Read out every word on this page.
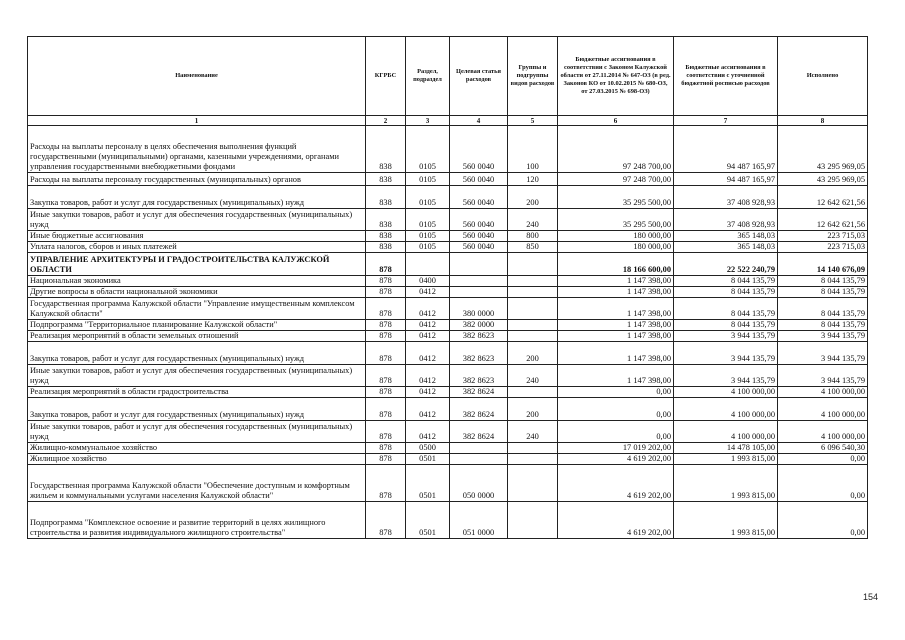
Наименование	КГРБС	Раздел, подраздел	Целевая статья расходов	Группы и подгруппы видов расходов	Бюджетные ассигнования в соответствии с Законом Калужской области от 27.11.2014 № 647-ОЗ (в ред. Законов КО от 10.02.2015 № 680-ОЗ, от 27.03.2015 № 698-ОЗ)	Бюджетные ассигнования в соответствии с уточненной бюджетной росписью расходов	Исполнено
1	2	3	4	5	6	7	8
Расходы на выплаты персоналу в целях обеспечения выполнения функций государственными (муниципальными) органами, казенными учреждениями, органами управления государственными внебюджетными фондами	838	0105	560 0040	100	97 248 700,00	94 487 165,97	43 295 969,05
Расходы на выплаты персоналу государственных (муниципальных) органов	838	0105	560 0040	120	97 248 700,00	94 487 165,97	43 295 969,05
Закупка товаров, работ и услуг для государственных (муниципальных) нужд	838	0105	560 0040	200	35 295 500,00	37 408 928,93	12 642 621,56
Иные закупки товаров, работ и услуг для обеспечения государственных (муниципальных) нужд	838	0105	560 0040	240	35 295 500,00	37 408 928,93	12 642 621,56
Иные бюджетные ассигнования	838	0105	560 0040	800	180 000,00	365 148,03	223 715,03
Уплата налогов, сборов и иных платежей	838	0105	560 0040	850	180 000,00	365 148,03	223 715,03
УПРАВЛЕНИЕ АРХИТЕКТУРЫ И ГРАДОСТРОИТЕЛЬСТВА КАЛУЖСКОЙ ОБЛАСТИ	878				18 166 600,00	22 522 240,79	14 140 676,09
Национальная экономика	878	0400			1 147 398,00	8 044 135,79	8 044 135,79
Другие вопросы в области национальной экономики	878	0412			1 147 398,00	8 044 135,79	8 044 135,79
Государственная программа Калужской области "Управление имущественным комплексом Калужской области"	878	0412	380 0000		1 147 398,00	8 044 135,79	8 044 135,79
Подпрограмма "Территориальное планирование Калужской области"	878	0412	382 0000		1 147 398,00	8 044 135,79	8 044 135,79
Реализация мероприятий в области земельных отношений	878	0412	382 8623		1 147 398,00	3 944 135,79	3 944 135,79
Закупка товаров, работ и услуг для государственных (муниципальных) нужд	878	0412	382 8623	200	1 147 398,00	3 944 135,79	3 944 135,79
Иные закупки товаров, работ и услуг для обеспечения государственных (муниципальных) нужд	878	0412	382 8623	240	1 147 398,00	3 944 135,79	3 944 135,79
Реализация мероприятий в области градостроительства	878	0412	382 8624		0,00	4 100 000,00	4 100 000,00
Закупка товаров, работ и услуг для государственных (муниципальных) нужд	878	0412	382 8624	200	0,00	4 100 000,00	4 100 000,00
Иные закупки товаров, работ и услуг для обеспечения государственных (муниципальных) нужд	878	0412	382 8624	240	0,00	4 100 000,00	4 100 000,00
Жилищно-коммунальное хозяйство	878	0500			17 019 202,00	14 478 105,00	6 096 540,30
Жилищное хозяйство	878	0501			4 619 202,00	1 993 815,00	0,00
Государственная программа Калужской области "Обеспечение доступным и комфортным жильем и коммунальными услугами населения Калужской области"	878	0501	050 0000		4 619 202,00	1 993 815,00	0,00
Подпрограмма "Комплексное освоение и развитие территорий в целях жилищного строительства и развития индивидуального жилищного строительства"	878	0501	051 0000		4 619 202,00	1 993 815,00	0,00
154
